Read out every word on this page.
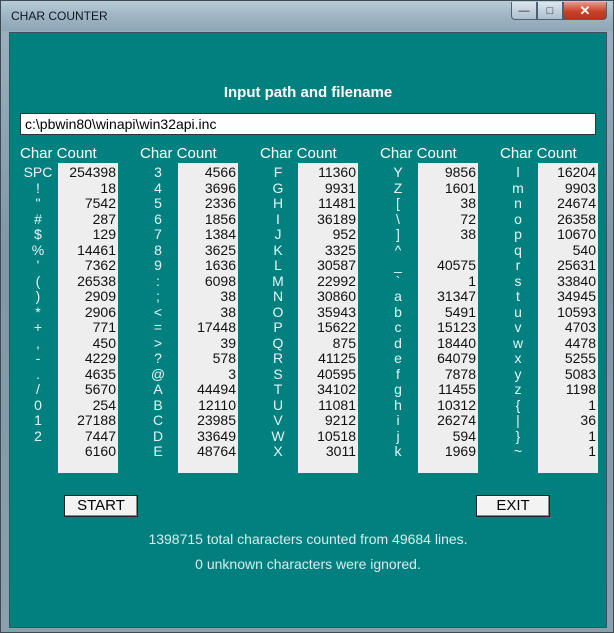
CHAR COUNTER	— □ ✕
Input path and filename
c:\pbwin80\winapi\win32api.inc
Char Count
SPC
!
"
#
$
%
'
(
)
*
+
,
-
.
/
0
1
2
254398
18
7542
287
129
14461
7362
26538
2909
2906
771
450
4229
4635
5670
254
27188
7447
6160
Char Count
3
4
5
6
7
8
9
:
;
<
=
>
?
@
A
B
C
D
E
4566
3696
2336
1856
1384
3625
1636
6098
38
38
17448
39
578
3
44494
12110
23985
33649
48764
Char Count
F
G
H
I
J
K
L
M
N
O
P
Q
R
S
T
U
V
W
X
11360
9931
11481
36189
952
3325
30587
22992
30860
35943
15622
875
41125
40595
34102
11081
9212
10518
3011
Char Count
Y
Z
[
\
]
^
_
`
a
b
c
d
e
f
g
h
i
j
k
9856
1601
38
72
38
40575
1
31347
5491
15123
18440
64079
7878
11455
10312
26274
594
1969
Char Count
l
m
n
o
p
q
r
s
t
u
v
w
x
y
z
{
|
}
~
16204
9903
24674
26358
10670
540
25631
33840
34945
10593
4703
4478
5255
5083
1198
1
36
1
1
START	EXIT
1398715 total characters counted from 49684 lines.
0 unknown characters were ignored.
